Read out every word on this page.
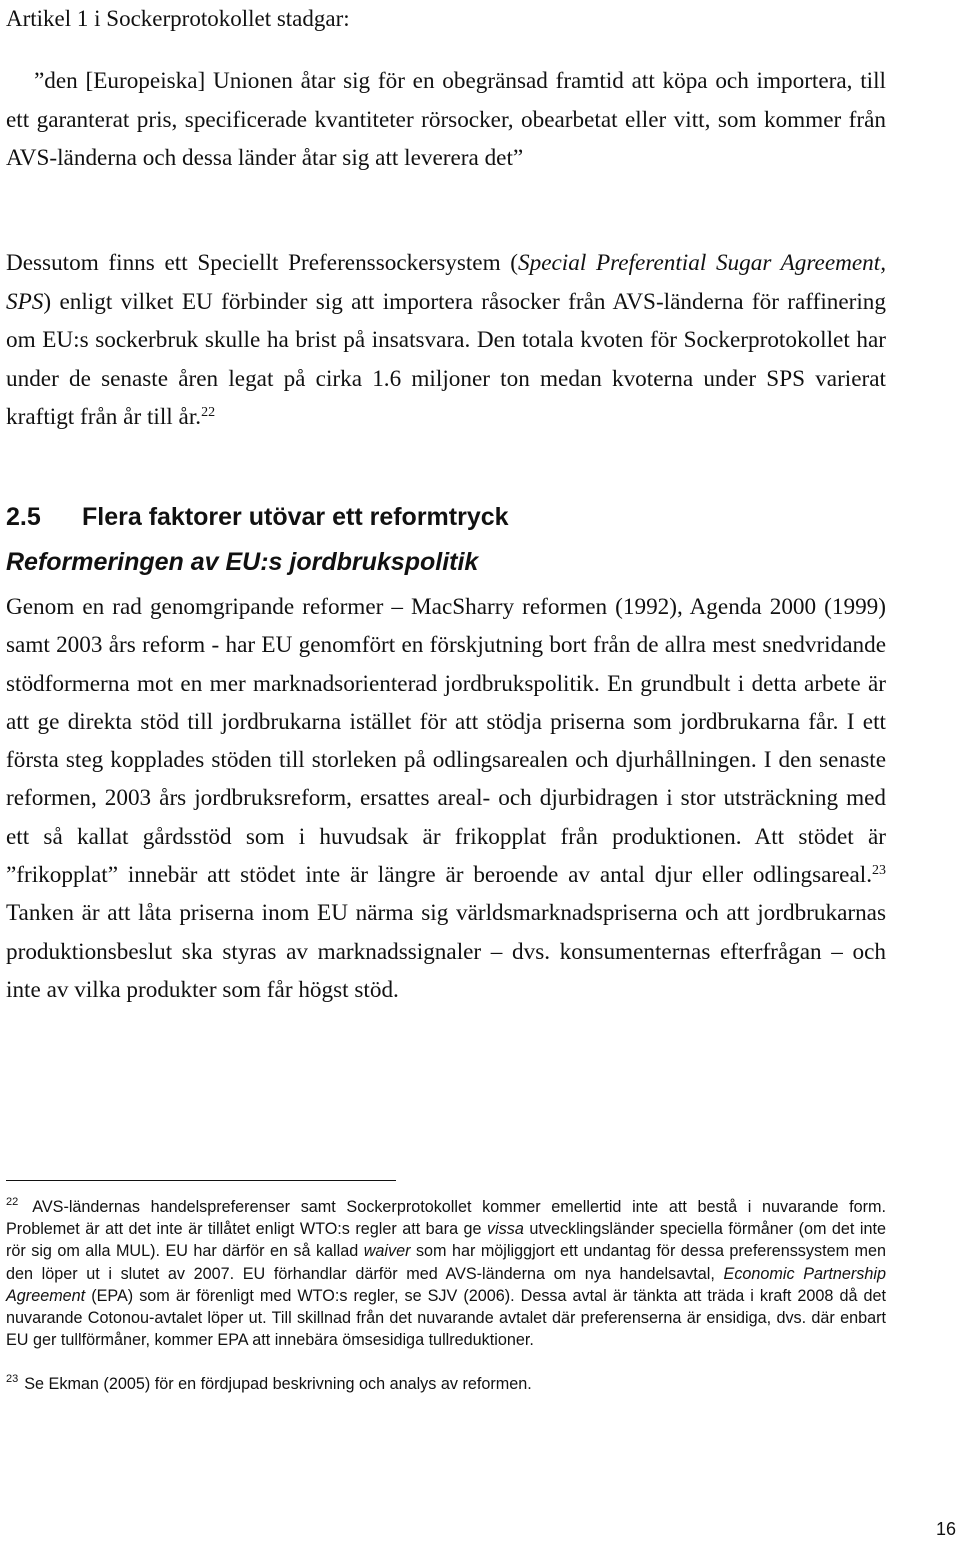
Artikel 1 i Sockerprotokollet stadgar:

”den [Europeiska] Unionen åtar sig för en obegränsad framtid att köpa och importera, till ett garanterat pris, specificerade kvantiteter rörsocker, obearbetat eller vitt, som kommer från AVS-länderna och dessa länder åtar sig att leverera det”

Dessutom finns ett Speciellt Preferenssockersystem (Special Preferential Sugar Agreement, SPS) enligt vilket EU förbinder sig att importera råsocker från AVS-länderna för raffinering om EU:s sockerbruk skulle ha brist på insatsvara. Den totala kvoten för Sockerprotokollet har under de senaste åren legat på cirka 1.6 miljoner ton medan kvoterna under SPS varierat kraftigt från år till år.$^{22}$

2.5 Flera faktorer utövar ett reformtryck
Reformeringen av EU:s jordbrukspolitik

Genom en rad genomgripande reformer – MacSharry reformen (1992), Agenda 2000 (1999) samt 2003 års reform - har EU genomfört en förskjutning bort från de allra mest snedvridande stödformerna mot en mer marknadsorienterad jordbrukspolitik. En grundbult i detta arbete är att ge direkta stöd till jordbrukarna istället för att stödja priserna som jordbrukarna får. I ett första steg kopplades stöden till storleken på odlingsarealen och djurhållningen. I den senaste reformen, 2003 års jordbruksreform, ersattes areal- och djurbidragen i stor utsträckning med ett så kallat gårdsstöd som i huvudsak är frikopplat från produktionen. Att stödet är ”frikopplat” innebär att stödet inte är längre är beroende av antal djur eller odlingsareal.$^{23}$ Tanken är att låta priserna inom EU närma sig världsmarknadspriserna och att jordbrukarnas produktionsbeslut ska styras av marknadssignaler – dvs. konsumenternas efterfrågan – och inte av vilka produkter som får högst stöd.

$^{22}$ AVS-ländernas handelspreferenser samt Sockerprotokollet kommer emellertid inte att bestå i nuvarande form. Problemet är att det inte är tillåtet enligt WTO:s regler att bara ge vissa utvecklingsländer speciella förmåner (om det inte rör sig om alla MUL). EU har därför en så kallad waiver som har möjliggjort ett undantag för dessa preferenssystem men den löper ut i slutet av 2007. EU förhandlar därför med AVS-länderna om nya handelsavtal, Economic Partnership Agreement (EPA) som är förenligt med WTO:s regler, se SJV (2006). Dessa avtal är tänkta att träda i kraft 2008 då det nuvarande Cotonou-avtalet löper ut. Till skillnad från det nuvarande avtalet där preferenserna är ensidiga, dvs. där enbart EU ger tullförmåner, kommer EPA att innebära ömsesidiga tullreduktioner.

$^{23}$ Se Ekman (2005) för en fördjupad beskrivning och analys av reformen.

16
